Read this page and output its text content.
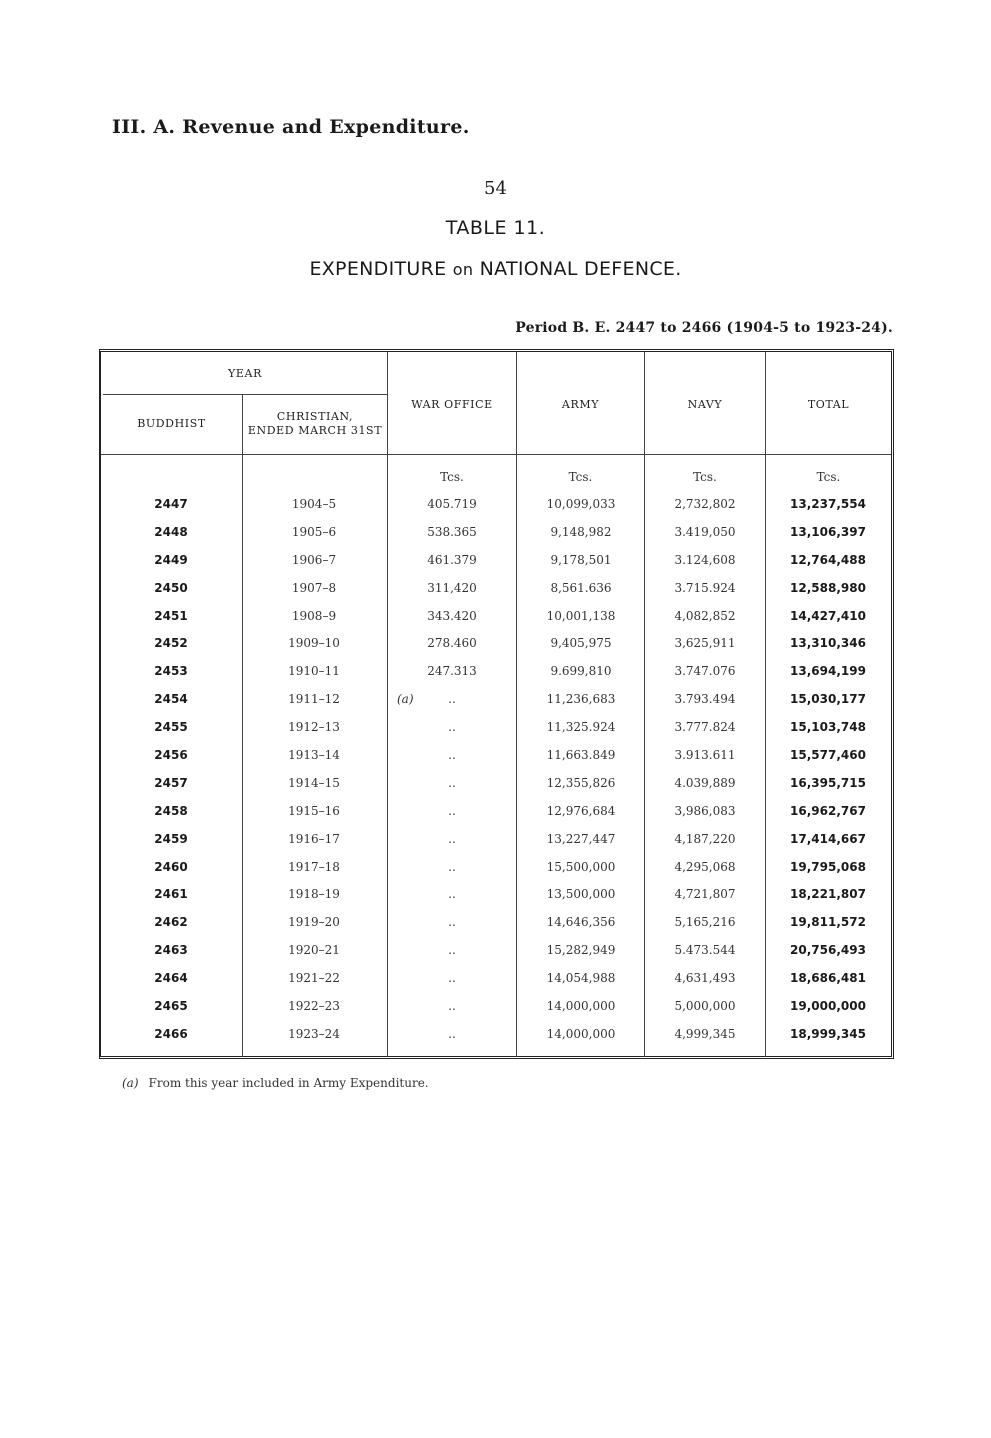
III. A. Revenue and Expenditure.
54
TABLE 11.
EXPENDITURE on NATIONAL DEFENCE.
Period B. E. 2447 to 2466 (1904-5 to 1923-24).
YEAR
BUDDHIST
CHRISTIAN,
ENDED MARCH 31ST
WAR OFFICE	ARMY	NAVY	TOTAL
Tcs.	Tcs.	Tcs.	Tcs.
2447	1904–5	405.719	10,099,033	2,732,802	13,237,554
2448	1905–6	538.365	9,148,982	3.419,050	13,106,397
2449	1906–7	461.379	9,178,501	3.124,608	12,764,488
2450	1907–8	311,420	8,561.636	3.715.924	12,588,980
2451	1908–9	343.420	10,001,138	4,082,852	14,427,410
2452	1909–10	278.460	9,405,975	3,625,911	13,310,346
2453	1910–11	247.313	9.699,810	3.747.076	13,694,199
2454	1911–12	..	11,236,683	3.793.494	15,030,177
(a)
2455	1912–13	..	11,325.924	3.777.824	15,103,748
2456	1913–14	..	11,663.849	3.913.611	15,577,460
2457	1914–15	..	12,355,826	4.039,889	16,395,715
2458	1915–16	..	12,976,684	3,986,083	16,962,767
2459	1916–17	..	13,227,447	4,187,220	17,414,667
2460	1917–18	..	15,500,000	4,295,068	19,795,068
2461	1918–19	..	13,500,000	4,721,807	18,221,807
2462	1919–20	..	14,646,356	5,165,216	19,811,572
2463	1920–21	..	15,282,949	5.473.544	20,756,493
2464	1921–22	..	14,054,988	4,631,493	18,686,481
2465	1922–23	..	14,000,000	5,000,000	19,000,000
2466	1923–24	..	14,000,000	4,999,345	18,999,345
(a) From this year included in Army Expenditure.
